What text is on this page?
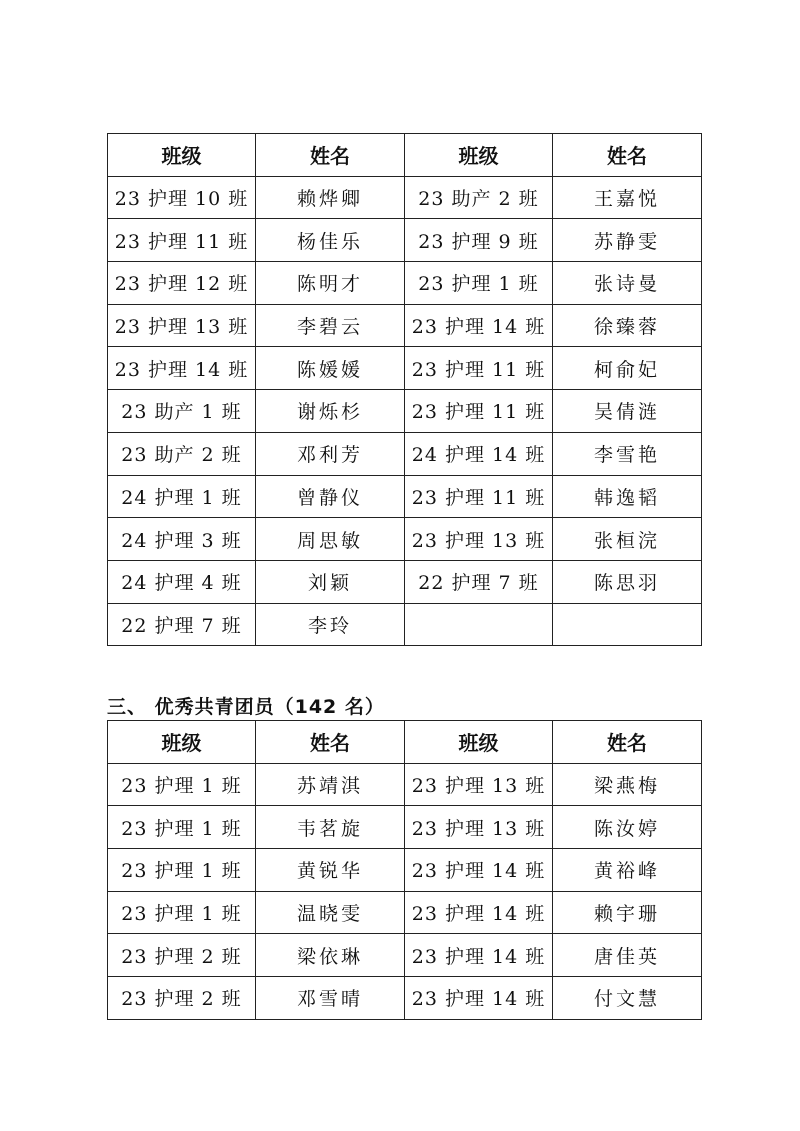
班级	姓名	班级	姓名
23 护理 10 班	赖烨卿	23 助产 2 班	王嘉悦
23 护理 11 班	杨佳乐	23 护理 9 班	苏静雯
23 护理 12 班	陈明才	23 护理 1 班	张诗曼
23 护理 13 班	李碧云	23 护理 14 班	徐臻蓉
23 护理 14 班	陈媛媛	23 护理 11 班	柯俞妃
23 助产 1 班	谢烁杉	23 护理 11 班	吴倩涟
23 助产 2 班	邓利芳	24 护理 14 班	李雪艳
24 护理 1 班	曾静仪	23 护理 11 班	韩逸韬
24 护理 3 班	周思敏	23 护理 13 班	张桓浣
24 护理 4 班	刘颖	22 护理 7 班	陈思羽
22 护理 7 班	李玲		
三、 优秀共青团员（142 名）
班级	姓名	班级	姓名
23 护理 1 班	苏靖淇	23 护理 13 班	梁燕梅
23 护理 1 班	韦茗旋	23 护理 13 班	陈汝婷
23 护理 1 班	黄锐华	23 护理 14 班	黄裕峰
23 护理 1 班	温晓雯	23 护理 14 班	赖宇珊
23 护理 2 班	梁依琳	23 护理 14 班	唐佳英
23 护理 2 班	邓雪晴	23 护理 14 班	付文慧
